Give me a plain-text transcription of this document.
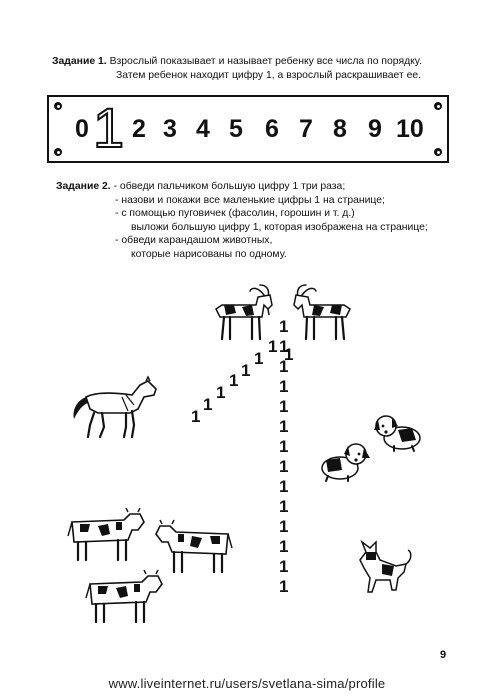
Задание 1. Взрослый показывает и называет ребенку все числа по порядку.
Затем ребенок находит цифру 1, а взрослый раскрашивает ее.
0 1 2 3 4 5 6 7 8 9 10
Задание 2. - обведи пальчиком большую цифру 1 три раза;
- назови и покажи все маленькие цифры 1 на странице;
- с помощью пуговичек (фасолин, горошин и т. д.)
выложи большую цифру 1, которая изображена на странице;
- обведи карандашом животных,
которые нарисованы по одному.
1
1
1
1
1
1
1
1
1
1
1
1
1
1
1
1
1
1
1
1
1
1
9
www.liveinternet.ru/users/svetlana-sima/profile
